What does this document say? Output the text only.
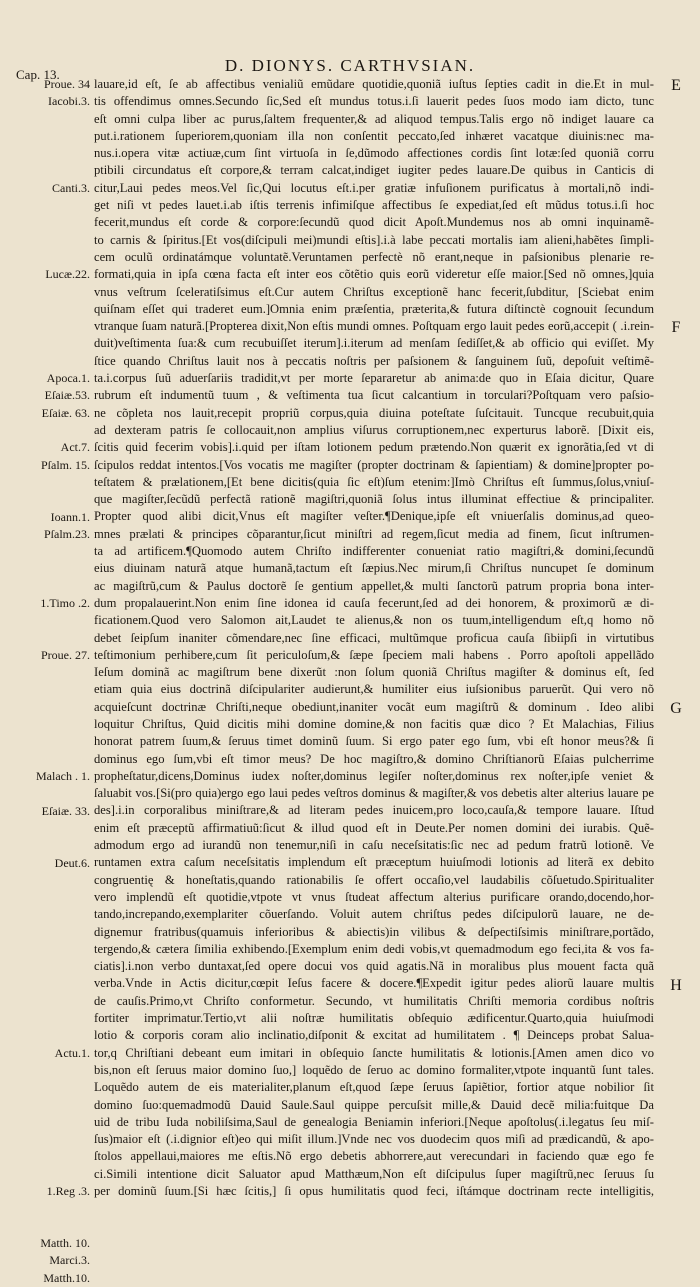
Cap. 13.	D. DIONYS. CARTHVSIAN.
Proue. 34
Iacobi.3.
Canti.3.
Lucæ.22.
Apoca.1.
Eſaiæ.53.
Eſaiæ. 63.
Act.7.
Pſalm. 15.
Ioann.1.
Pſalm.23.
1.Timo .2.
Proue. 27.
Malach . 1.
Eſaiæ. 33.
Deut.6.
Actu.1.
1.Reg .3.
Matth. 10.
Marci.3.
Matth.10.
lauare,id eſt, ſe ab affectibus venialiũ emũdare quotidie,quoniã iuſtus ſepties cadit in die.Et in mul-
tis offendimus omnes.Secundo ſic,Sed eſt mundus totus.i.ſi lauerit pedes ſuos modo iam dicto, tunc
eſt omni culpa liber ac purus,ſaltem frequenter,& ad aliquod tempus.Talis ergo nõ indiget lauare ca
put.i.rationem ſuperiorem,quoniam illa non conſentit peccato,ſed inhæret vacatque diuinis:nec ma-
nus.i.opera vitæ actiuæ,cum ſint virtuoſa in ſe,dũmodo affectiones cordis ſint lotæ:ſed quoniã corru
ptibili circundatus eſt corpore,& terram calcat,indiget iugiter pedes lauare.De quibus in Canticis di
citur,Laui pedes meos.Vel ſic,Qui locutus eſt.i.per gratiæ infuſionem purificatus à mortali,nõ indi-
get niſi vt pedes lauet.i.ab iſtis terrenis infimiſque affectibus ſe expediat,ſed eſt mũdus totus.i.ſi hoc
fecerit,mundus eſt corde & corpore:ſecundũ quod dicit Apoſt.Mundemus nos ab omni inquinamẽ-
to carnis & ſpiritus.[Et vos(diſcipuli mei)mundi eſtis].i.à labe peccati mortalis iam alieni,habẽtes ſimpli-
cem oculũ ordinatámque voluntatẽ.Veruntamen perfectè nõ erant,neque in paſsionibus plenarie re-
formati,quia in ipſa cœna facta eſt inter eos cõtẽtio quis eorũ videretur eſſe maior.[Sed nõ omnes,]quia
vnus veſtrum ſceleratiſsimus eſt.Cur autem Chriſtus exceptionẽ hanc fecerit,ſubditur, [Sciebat enim
quiſnam eſſet qui traderet eum.]Omnia enim præſentia, præterita,& futura diſtinctè cognouit ſecundum
vtranque ſuam naturã.[Propterea dixit,Non eſtis mundi omnes. Poſtquam ergo lauit pedes eorũ,accepit ( .i.rein-
duit)veſtimenta ſua:& cum recubuiſſet iterum].i.iterum ad menſam ſediſſet,& ab officio qui eviſſet. My
ſtice quando Chriſtus lauit nos à peccatis noſtris per paſsionem & ſanguinem ſuũ, depoſuit veſtimẽ-
ta.i.corpus ſuũ aduerſariis tradidit,vt per morte ſepararetur ab anima:de quo in Eſaia dicitur, Quare
rubrum eſt indumentũ tuum , & veſtimenta tua ſicut calcantium in torculari?Poſtquam vero paſsio-
ne cõpleta nos lauit,recepit propriũ corpus,quia diuina poteſtate ſuſcitauit. Tuncque recubuit,quia
ad dexteram patris ſe collocauit,non amplius viſurus corruptionem,nec experturus laborẽ. [Dixit eis,
ſcitis quid fecerim vobis].i.quid per iſtam lotionem pedum prætendo.Non quærit ex ignorãtia,ſed vt di
ſcipulos reddat intentos.[Vos vocatis me magiſter (propter doctrinam & ſapientiam) & domine]propter po-
teſtatem & prælationem,[Et bene dicitis(quia ſic eſt)ſum etenim:]Imò Chriſtus eſt ſummus,ſolus,vniuſ-
que magiſter,ſecũdũ perfectã rationẽ magiſtri,quoniã ſolus intus illuminat effectiue & principaliter.
Propter quod alibi dicit,Vnus eſt magiſter veſter.¶Denique,ipſe eſt vniuerſalis dominus,ad queo-
mnes prælati & principes cõparantur,ſicut miniſtri ad regem,ſicut media ad finem, ſicut inſtrumen-
ta ad artificem.¶Quomodo autem Chriſto indifferenter conueniat ratio magiſtri,& domini,ſecundũ
eius diuinam naturã atque humanã,tactum eſt ſæpius.Nec mirum,ſi Chriſtus nuncupet ſe dominum
ac magiſtrũ,cum & Paulus doctorẽ ſe gentium appellet,& multi ſanctorũ patrum propria bona inter-
dum propalauerint.Non enim ſine idonea id cauſa fecerunt,ſed ad dei honorem, & proximorũ æ di-
ficationem.Quod vero Salomon ait,Laudet te alienus,& non os tuum,intelligendum eſt,q homo nõ
debet ſeipſum inaniter cõmendare,nec ſine efficaci, multũmque proficua cauſa ſibiipſi in virtutibus
teſtimonium perhibere,cum ſit periculoſum,& ſæpe ſpeciem mali habens . Porro apoſtoli appellãdo
Ieſum dominã ac magiſtrum bene dixerũt :non ſolum quoniã Chriſtus magiſter & dominus eſt, ſed
etiam quia eius doctrinã diſcipulariter audierunt,& humiliter eius iuſsionibus paruerũt. Qui vero nõ
acquieſcunt doctrinæ Chriſti,neque obediunt,inaniter vocãt eum magiſtrũ & dominum . Ideo alibi
loquitur Chriſtus, Quid dicitis mihi domine domine,& non facitis quæ dico ? Et Malachias, Filius
honorat patrem ſuum,& ſeruus timet dominũ ſuum. Si ergo pater ego ſum, vbi eſt honor meus?& ſi
dominus ego ſum,vbi eſt timor meus? De hoc magiſtro,& domino Chriſtianorũ Eſaias pulcherrime
propheſtatur,dicens,Dominus iudex noſter,dominus legiſer noſter,dominus rex noſter,ipſe veniet &
ſaluabit vos.[Si(pro quia)ergo ego laui pedes veſtros dominus & magiſter,& vos debetis alter alterius lauare pe
des].i.in corporalibus miniſtrare,& ad literam pedes inuicem,pro loco,cauſa,& tempore lauare. Iſtud
enim eſt præceptũ affirmatiuũ:ſicut & illud quod eſt in Deute.Per nomen domini dei iurabis. Quẽ-
admodum ergo ad iurandũ non tenemur,niſi in caſu neceſsitatis:ſic nec ad pedum fratrũ lotionẽ. Ve
runtamen extra caſum neceſsitatis implendum eſt præceptum huiuſmodi lotionis ad literã ex debito
congruentię & honeſtatis,quando rationabilis ſe offert occaſio,vel laudabilis cõſuetudo.Spiritualiter
vero implendũ eſt quotidie,vtpote vt vnus ſtudeat affectum alterius purificare orando,docendo,hor-
tando,increpando,exemplariter cõuerſando. Voluit autem chriſtus pedes diſcipulorũ lauare, ne de-
dignemur fratribus(quamuis inferioribus & abiectis)in vilibus & deſpectiſsimis miniſtrare,portãdo,
tergendo,& cætera ſimilia exhibendo.[Exemplum enim dedi vobis,vt quemadmodum ego feci,ita & vos fa-
ciatis].i.non verbo duntaxat,ſed opere docui vos quid agatis.Nã in moralibus plus mouent facta quã
verba.Vnde in Actis dicitur,cœpit Ieſus facere & docere.¶Expedit igitur pedes aliorũ lauare multis
de cauſis.Primo,vt Chriſto conformetur. Secundo, vt humilitatis Chriſti memoria cordibus noſtris
fortiter imprimatur.Tertio,vt alii noſtræ humilitatis obſequio ædificentur.Quarto,quia huiuſmodi
lotio & corporis coram alio inclinatio,diſponit & excitat ad humilitatem . ¶ Deinceps probat Salua-
tor,q Chriſtiani debeant eum imitari in obſequio ſancte humilitatis & lotionis.[Amen amen dico vo
bis,non eſt ſeruus maior domino ſuo,] loquẽdo de ſeruo ac domino formaliter,vtpote inquantũ ſunt tales.
Loquẽdo autem de eis materialiter,planum eſt,quod ſæpe ſeruus ſapiẽtior, fortior atque nobilior ſit
domino ſuo:quemadmodũ Dauid Saule.Saul quippe percuſsit mille,& Dauid decẽ milia:fuitque Da
uid de tribu Iuda nobiliſsima,Saul de genealogia Beniamin inferiori.[Neque apoſtolus(.i.legatus ſeu miſ-
ſus)maior eſt (.i.dignior eſt)eo qui miſit illum.]Vnde nec vos duodecim quos miſi ad prædicandũ, & apo-
ſtolos appellaui,maiores me eſtis.Nõ ergo debetis abhorrere,aut verecundari in faciendo quæ ego fe
ci.Simili intentione dicit Saluator apud Matthæum,Non eſt diſcipulus ſuper magiſtrũ,nec ſeruus ſu
per dominũ ſuum.[Si hæc ſcitis,] ſi opus humilitatis quod feci, iſtámque doctrinam recte intelligitis,
E
F
G
H
